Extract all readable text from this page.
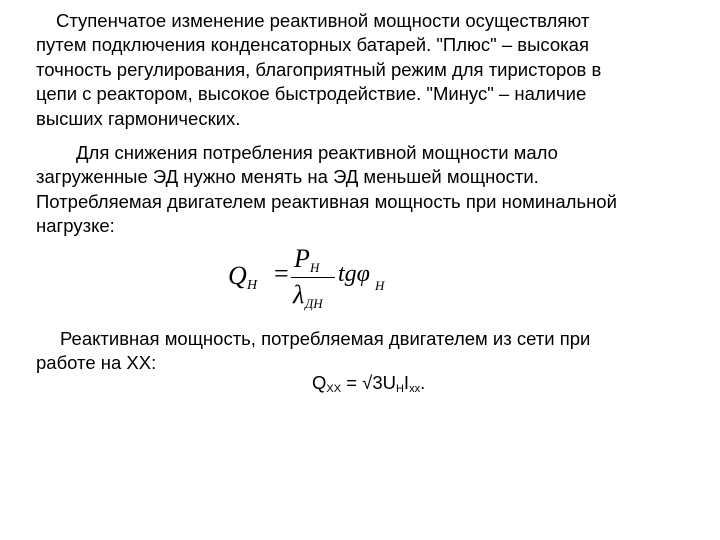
Ступенчатое изменение реактивной мощности осуществляют
путем подключения конденсаторных батарей. "Плюс" – высокая
точность регулирования, благоприятный режим для тиристоров в
цепи с реактором, высокое быстродействие. "Минус" – наличие
высших гармонических.
Для снижения потребления реактивной мощности мало
загруженные ЭД нужно менять на ЭД меньшей мощности.
Потребляемая двигателем реактивная мощность при номинальной
нагрузке:
Q Н =
P Н
λ ДН
tgφ Н
Реактивная мощность, потребляемая двигателем из сети при
работе на ХХ:
$Q_{ХХ} = √3U_НI_{хх}$.
